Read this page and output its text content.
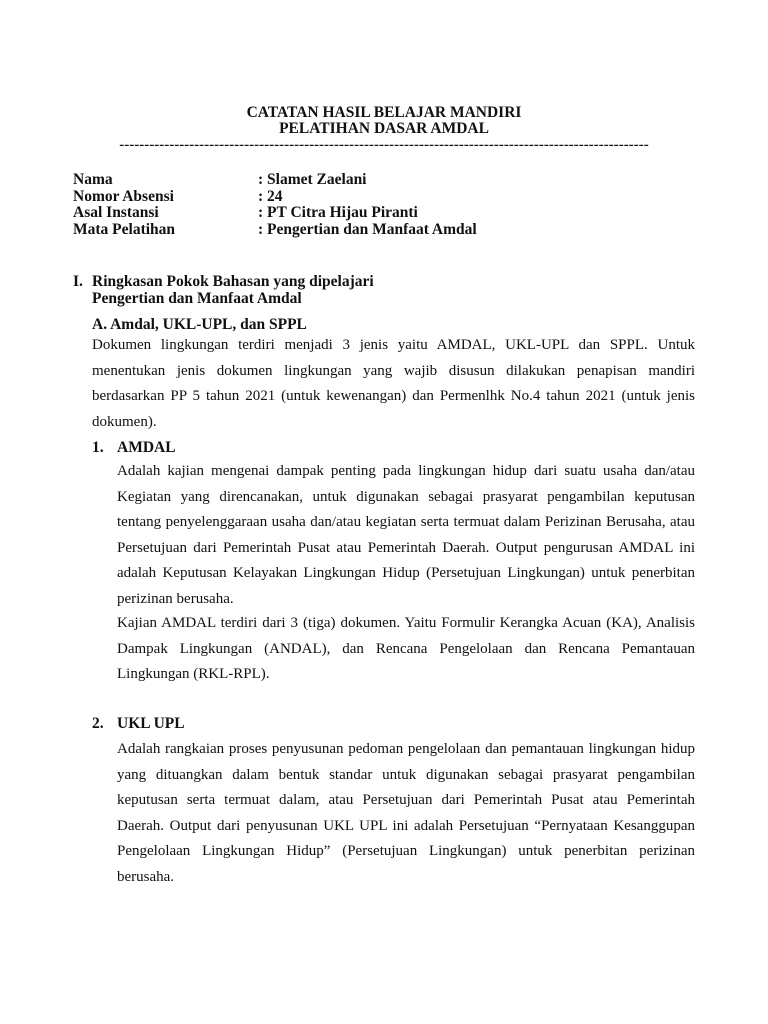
CATATAN HASIL BELAJAR MANDIRI
PELATIHAN DASAR AMDAL
----------------------------------------------------------------------------------------------------------
Nama	: Slamet Zaelani
Nomor Absensi	: 24
Asal Instansi	: PT Citra Hijau Piranti
Mata Pelatihan	: Pengertian dan Manfaat Amdal
I. Ringkasan Pokok Bahasan yang dipelajari
Pengertian dan Manfaat Amdal
A. Amdal, UKL-UPL, dan SPPL
Dokumen lingkungan terdiri menjadi 3 jenis yaitu AMDAL, UKL-UPL dan SPPL. Untuk
menentukan jenis dokumen lingkungan yang wajib disusun dilakukan penapisan mandiri
berdasarkan PP 5 tahun 2021 (untuk kewenangan) dan Permenlhk No.4 tahun 2021 (untuk jenis
dokumen).
1. AMDAL
Adalah kajian mengenai dampak penting pada lingkungan hidup dari suatu usaha dan/atau
Kegiatan yang direncanakan, untuk digunakan sebagai prasyarat pengambilan keputusan
tentang penyelenggaraan usaha dan/atau kegiatan serta termuat dalam Perizinan Berusaha, atau
Persetujuan dari Pemerintah Pusat atau Pemerintah Daerah. Output pengurusan AMDAL ini
adalah Keputusan Kelayakan Lingkungan Hidup (Persetujuan Lingkungan) untuk penerbitan
perizinan berusaha.
Kajian AMDAL terdiri dari 3 (tiga) dokumen. Yaitu Formulir Kerangka Acuan (KA), Analisis
Dampak Lingkungan (ANDAL), dan Rencana Pengelolaan dan Rencana Pemantauan
Lingkungan (RKL-RPL).
2. UKL UPL
Adalah rangkaian proses penyusunan pedoman pengelolaan dan pemantauan lingkungan hidup
yang dituangkan dalam bentuk standar untuk digunakan sebagai prasyarat pengambilan
keputusan serta termuat dalam, atau Persetujuan dari Pemerintah Pusat atau Pemerintah
Daerah. Output dari penyusunan UKL UPL ini adalah Persetujuan “Pernyataan Kesanggupan
Pengelolaan Lingkungan Hidup” (Persetujuan Lingkungan) untuk penerbitan perizinan
berusaha.
